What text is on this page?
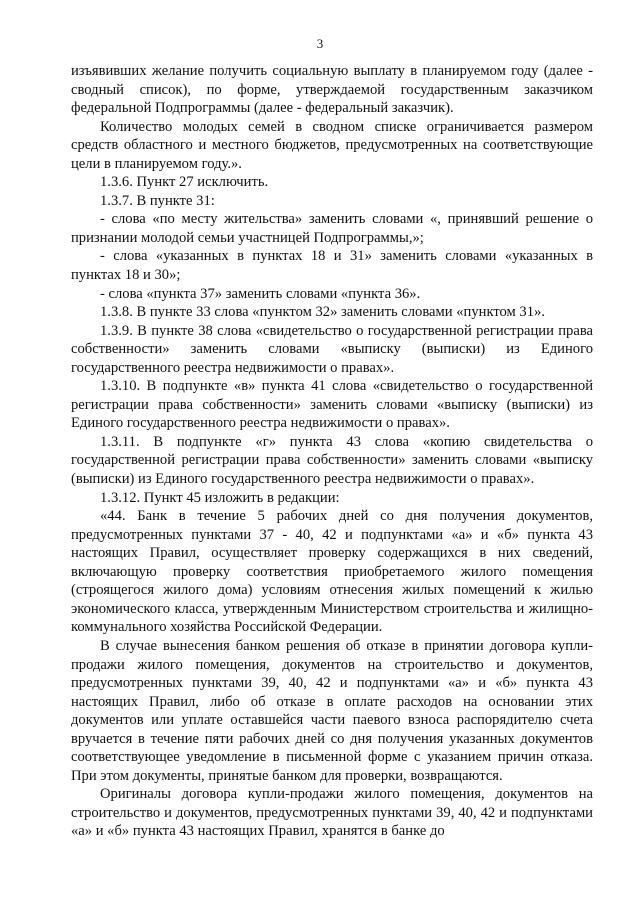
3

изъявивших желание получить социальную выплату в планируемом году (далее - сводный список), по форме, утверждаемой государственным заказчиком федеральной Подпрограммы (далее - федеральный заказчик).

Количество молодых семей в сводном списке ограничивается размером средств областного и местного бюджетов, предусмотренных на соответствующие цели в планируемом году.».

1.3.6. Пункт 27 исключить.

1.3.7. В пункте 31:

- слова «по месту жительства» заменить словами «, принявший решение о признании молодой семьи участницей Подпрограммы,»;

- слова «указанных в пунктах 18 и 31» заменить словами «указанных в пунктах 18 и 30»;

- слова «пункта 37» заменить словами «пункта 36».

1.3.8. В пункте 33 слова «пунктом 32» заменить словами «пунктом 31».

1.3.9. В пункте 38 слова «свидетельство о государственной регистрации права собственности» заменить словами «выписку (выписки) из Единого государственного реестра недвижимости о правах».

1.3.10. В подпункте «в» пункта 41 слова «свидетельство о государственной регистрации права собственности» заменить словами «выписку (выписки) из Единого государственного реестра недвижимости о правах».

1.3.11. В подпункте «г» пункта 43 слова «копию свидетельства о государственной регистрации права собственности» заменить словами «выписку (выписки) из Единого государственного реестра недвижимости о правах».

1.3.12. Пункт 45 изложить в редакции:

«44. Банк в течение 5 рабочих дней со дня получения документов, предусмотренных пунктами 37 - 40, 42 и подпунктами «а» и «б» пункта 43 настоящих Правил, осуществляет проверку содержащихся в них сведений, включающую проверку соответствия приобретаемого жилого помещения (строящегося жилого дома) условиям отнесения жилых помещений к жилью экономического класса, утвержденным Министерством строительства и жилищно-коммунального хозяйства Российской Федерации.

В случае вынесения банком решения об отказе в принятии договора купли-продажи жилого помещения, документов на строительство и документов, предусмотренных пунктами 39, 40, 42 и подпунктами «а» и «б» пункта 43 настоящих Правил, либо об отказе в оплате расходов на основании этих документов или уплате оставшейся части паевого взноса распорядителю счета вручается в течение пяти рабочих дней со дня получения указанных документов соответствующее уведомление в письменной форме с указанием причин отказа. При этом документы, принятые банком для проверки, возвращаются.

Оригиналы договора купли-продажи жилого помещения, документов на строительство и документов, предусмотренных пунктами 39, 40, 42 и подпунктами «а» и «б» пункта 43 настоящих Правил, хранятся в банке до
